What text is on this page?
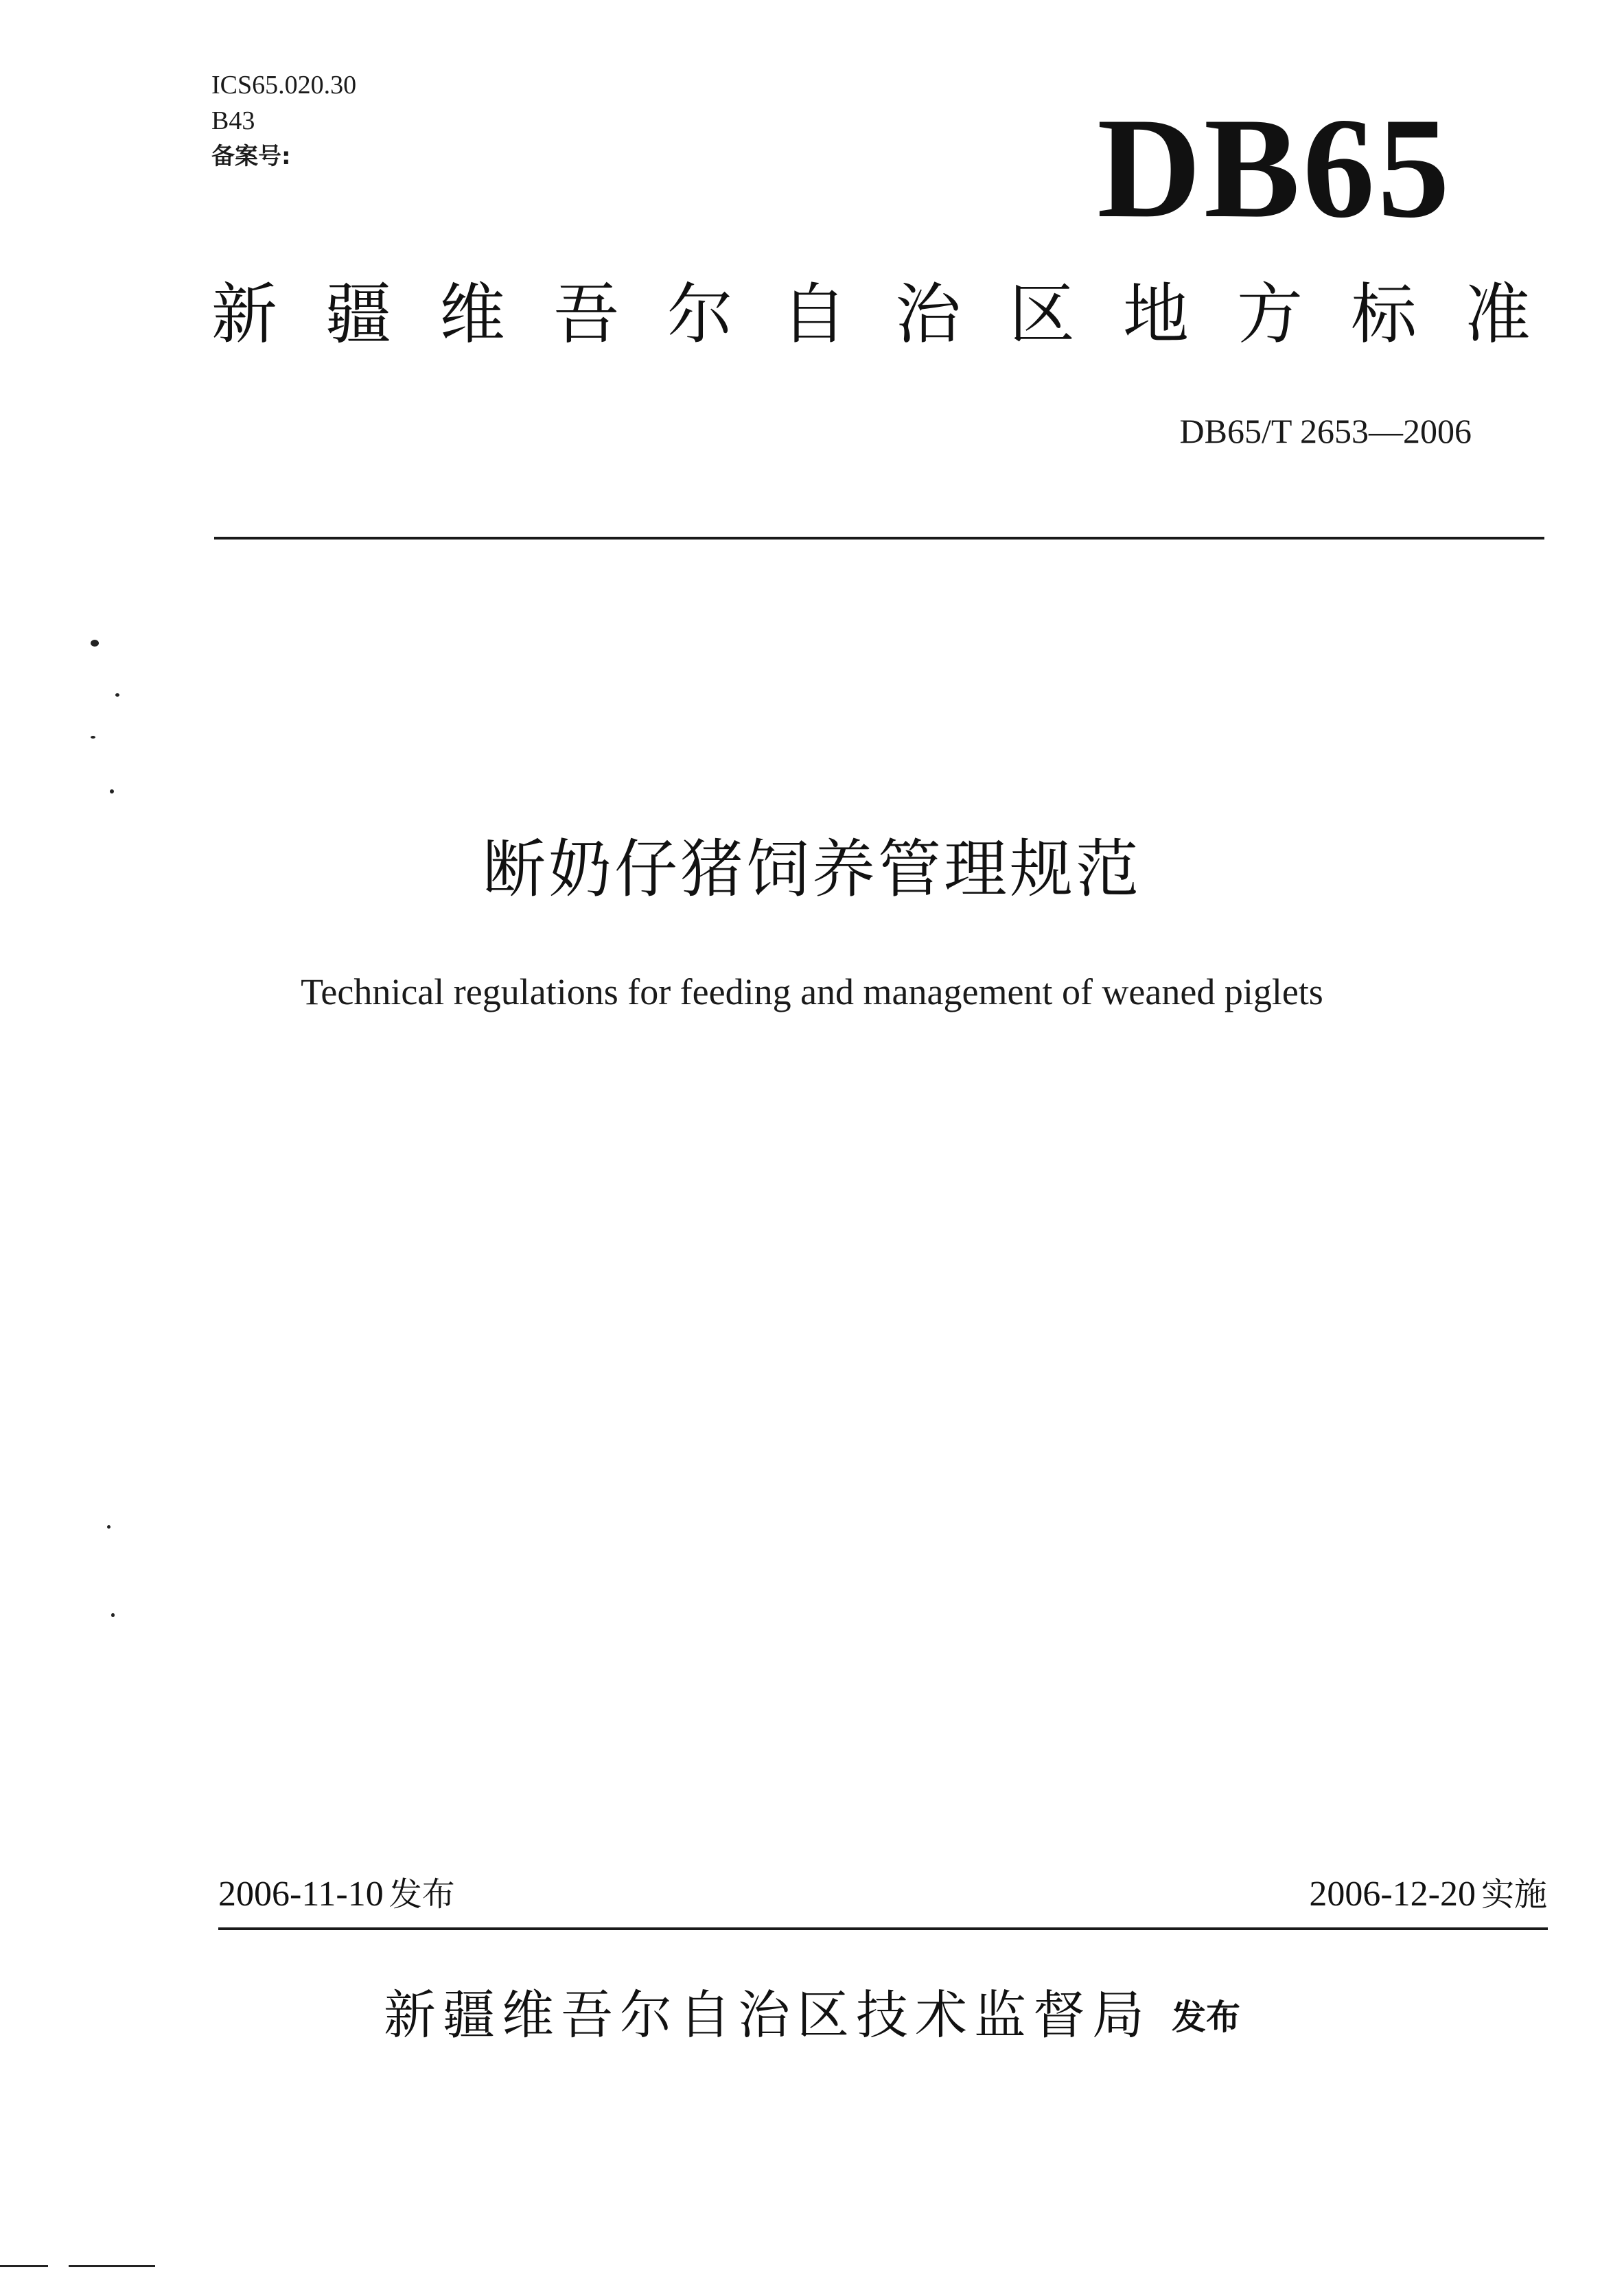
ICS65.020.30
B43
备案号:	DB65
新疆维吾尔自治区地方标准
DB65/T 2653—2006
断奶仔猪饲养管理规范
Technical regulations for feeding and management of weaned piglets
2006-11-10 发布	2006-12-20 实施
新疆维吾尔自治区技术监督局 发布
